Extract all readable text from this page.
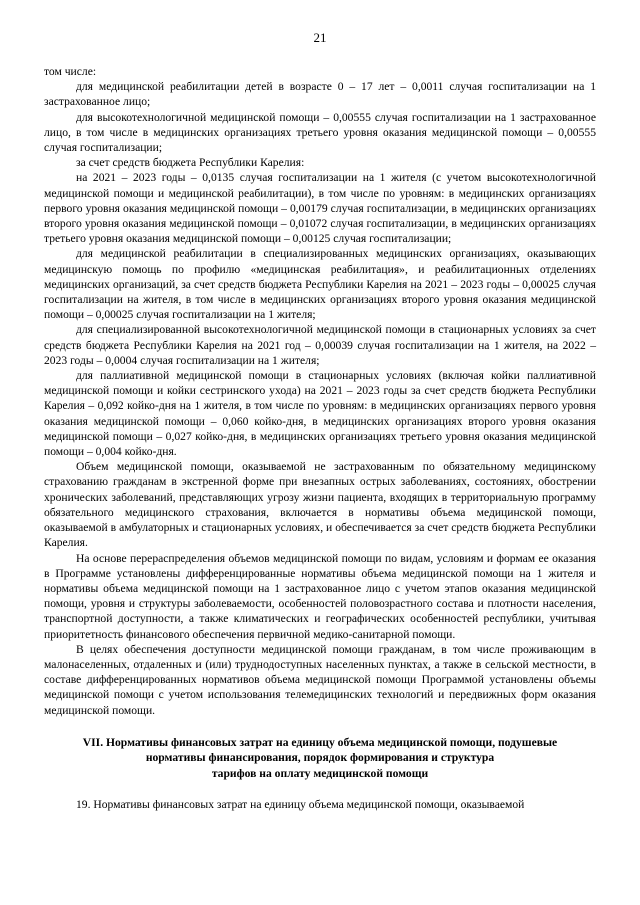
21

том числе:

для медицинской реабилитации детей в возрасте 0 – 17 лет – 0,0011 случая госпитализации на 1 застрахованное лицо;

для высокотехнологичной медицинской помощи – 0,00555 случая госпитализации на 1 застрахованное лицо, в том числе в медицинских организациях третьего уровня оказания медицинской помощи – 0,00555 случая госпитализации;

за счет средств бюджета Республики Карелия:

на 2021 – 2023 годы – 0,0135 случая госпитализации на 1 жителя (с учетом высокотехнологичной медицинской помощи и медицинской реабилитации), в том числе по уровням: в медицинских организациях первого уровня оказания медицинской помощи – 0,00179 случая госпитализации, в медицинских организациях второго уровня оказания медицинской помощи – 0,01072 случая госпитализации, в медицинских организациях третьего уровня оказания медицинской помощи – 0,00125 случая госпитализации;

для медицинской реабилитации в специализированных медицинских организациях, оказывающих медицинскую помощь по профилю «медицинская реабилитация», и реабилитационных отделениях медицинских организаций, за счет средств бюджета Республики Карелия на 2021 – 2023 годы – 0,00025 случая госпитализации на жителя, в том числе в медицинских организациях второго уровня оказания медицинской помощи – 0,00025 случая госпитализации на 1 жителя;

для специализированной высокотехнологичной медицинской помощи в стационарных условиях за счет средств бюджета Республики Карелия на 2021 год – 0,00039 случая госпитализации на 1 жителя, на 2022 – 2023 годы – 0,0004 случая госпитализации на 1 жителя;

для паллиативной медицинской помощи в стационарных условиях (включая койки паллиативной медицинской помощи и койки сестринского ухода) на 2021 – 2023 годы за счет средств бюджета Республики Карелия – 0,092 койко-дня на 1 жителя, в том числе по уровням: в медицинских организациях первого уровня оказания медицинской помощи – 0,060 койко-дня, в медицинских организациях второго уровня оказания медицинской помощи – 0,027 койко-дня, в медицинских организациях третьего уровня оказания медицинской помощи – 0,004 койко-дня.

Объем медицинской помощи, оказываемой не застрахованным по обязательному медицинскому страхованию гражданам в экстренной форме при внезапных острых заболеваниях, состояниях, обострении хронических заболеваний, представляющих угрозу жизни пациента, входящих в территориальную программу обязательного медицинского страхования, включается в нормативы объема медицинской помощи, оказываемой в амбулаторных и стационарных условиях, и обеспечивается за счет средств бюджета Республики Карелия.

На основе перераспределения объемов медицинской помощи по видам, условиям и формам ее оказания в Программе установлены дифференцированные нормативы объема медицинской помощи на 1 жителя и нормативы объема медицинской помощи на 1 застрахованное лицо с учетом этапов оказания медицинской помощи, уровня и структуры заболеваемости, особенностей половозрастного состава и плотности населения, транспортной доступности, а также климатических и географических особенностей республики, учитывая приоритетность финансового обеспечения первичной медико-санитарной помощи.

В целях обеспечения доступности медицинской помощи гражданам, в том числе проживающим в малонаселенных, отдаленных и (или) труднодоступных населенных пунктах, а также в сельской местности, в составе дифференцированных нормативов объема медицинской помощи Программой установлены объемы медицинской помощи с учетом использования телемедицинских технологий и передвижных форм оказания медицинской помощи.

VII. Нормативы финансовых затрат на единицу объема медицинской помощи, подушевые
нормативы финансирования, порядок формирования и структура
тарифов на оплату медицинской помощи

19. Нормативы финансовых затрат на единицу объема медицинской помощи, оказываемой
